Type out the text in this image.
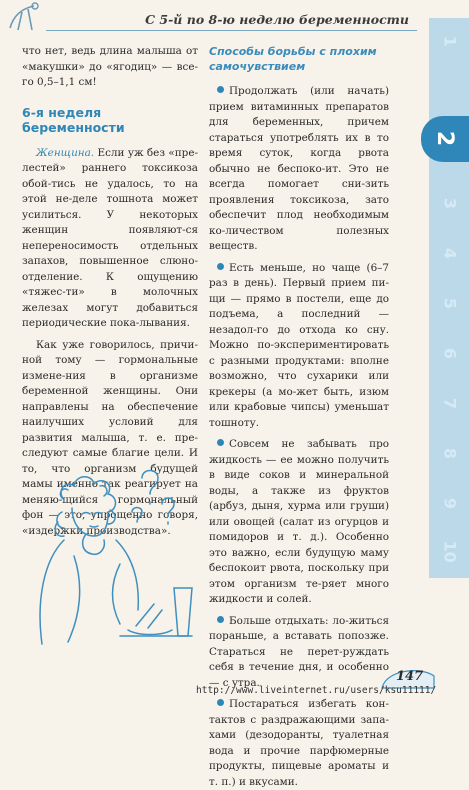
С 5-й по 8-ю неделю беременности
1
3
4
5
6
7
8
9
10
2

что нет, ведь длина малыша от «макушки» до «ягодиц» — все-го 0,5–1,1 см!

6-я неделя беременности

Женщина. Если уж без «пре-лестей» раннего токсикоза обой-тись не удалось, то на этой не-деле тошнота может усилиться. У некоторых женщин появляют-ся непереносимость отдельных запахов, повышенное слюно-отделение. К ощущению «тяжес-ти» в молочных железах могут добавиться периодические пока-лывания.

Как уже говорилось, причи-ной тому — гормональные измене-ния в организме беременной женщины. Они направлены на обеспечение наилучших условий для развития малыша, т. е. пре-следуют самые благие цели. И то, что организм будущей мамы именно так реагирует на меняю-щийся гормональный фон — это, упрощенно говоря, «издержки производства».

Способы борьбы с плохим самочувствием

Продолжать (или начать) прием витаминных препаратов для беременных, причем стараться употреблять их в то время суток, когда рвота обычно не беспоко-ит. Это не всегда помогает сни-зить проявления токсикоза, зато обеспечит плод необходимым ко-личеством полезных веществ.

Есть меньше, но чаще (6–7 раз в день). Первый прием пи-щи — прямо в постели, еще до подъема, а последний — незадол-го до отхода ко сну. Можно по-экспериментировать с разными продуктами: вполне возможно, что сухарики или крекеры (а мо-жет быть, изюм или крабовые чипсы) уменьшат тошноту.

Совсем не забывать про жидкость — ее можно получить в виде соков и минеральной воды, а также из фруктов (арбуз, дыня, хурма или груши) или овощей (салат из огурцов и помидоров и т. д.). Особенно это важно, если будущую маму беспокоит рвота, поскольку при этом организм те-ряет много жидкости и солей.

Больше отдыхать: ло-житься пораньше, а вставать попозже. Стараться не перет-руждать себя в течение дня, и особенно — с утра.

Постараться избегать кон-тактов с раздражающими запа-хами (дезодоранты, туалетная вода и прочие парфюмерные продукты, пищевые ароматы и т. п.) и вкусами.

147
http://www.liveinternet.ru/users/ksu11111/
